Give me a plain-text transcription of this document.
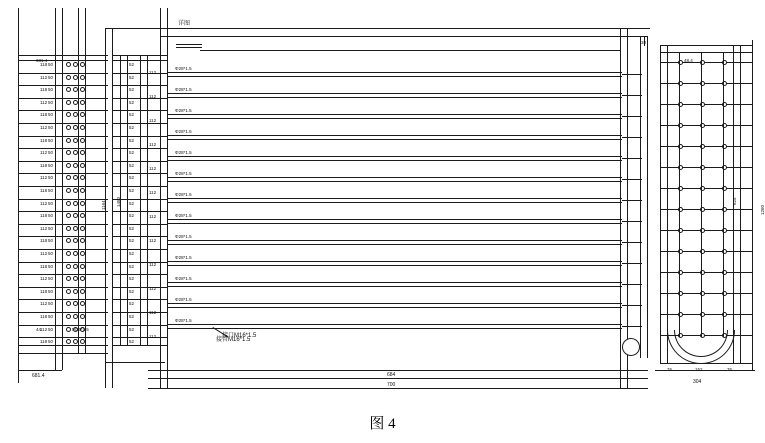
Φ28*1.5
Φ28*1.5
Φ28*1.5
Φ28*1.5
Φ28*1.5
Φ28*1.5
Φ28*1.5
Φ28*1.5
Φ28*1.5
Φ28*1.5
Φ28*1.5
Φ28*1.5
Φ28*1.5
118 50
112 50
118 50
112 50
118 50
112 50
118 50
112 50
118 50
112 50
118 50
112 50
118 50
112 50
118 50
112 50
118 50
112 50
118 50
112 50
118 50
112 50
118 50
52
52
52
52
52
52
52
52
52
52
52
52
52
52
52
52
52
52
52
52
52
52
52
112
112
112
112
112
112
112
112
112
112
112
112
详图
681.4
681.4
M24*1.5
44
48.4
38
684
700
76	152	76
304
1260
625
1164 1450
接口M16*1.5
接管M16*1.5
图 4
